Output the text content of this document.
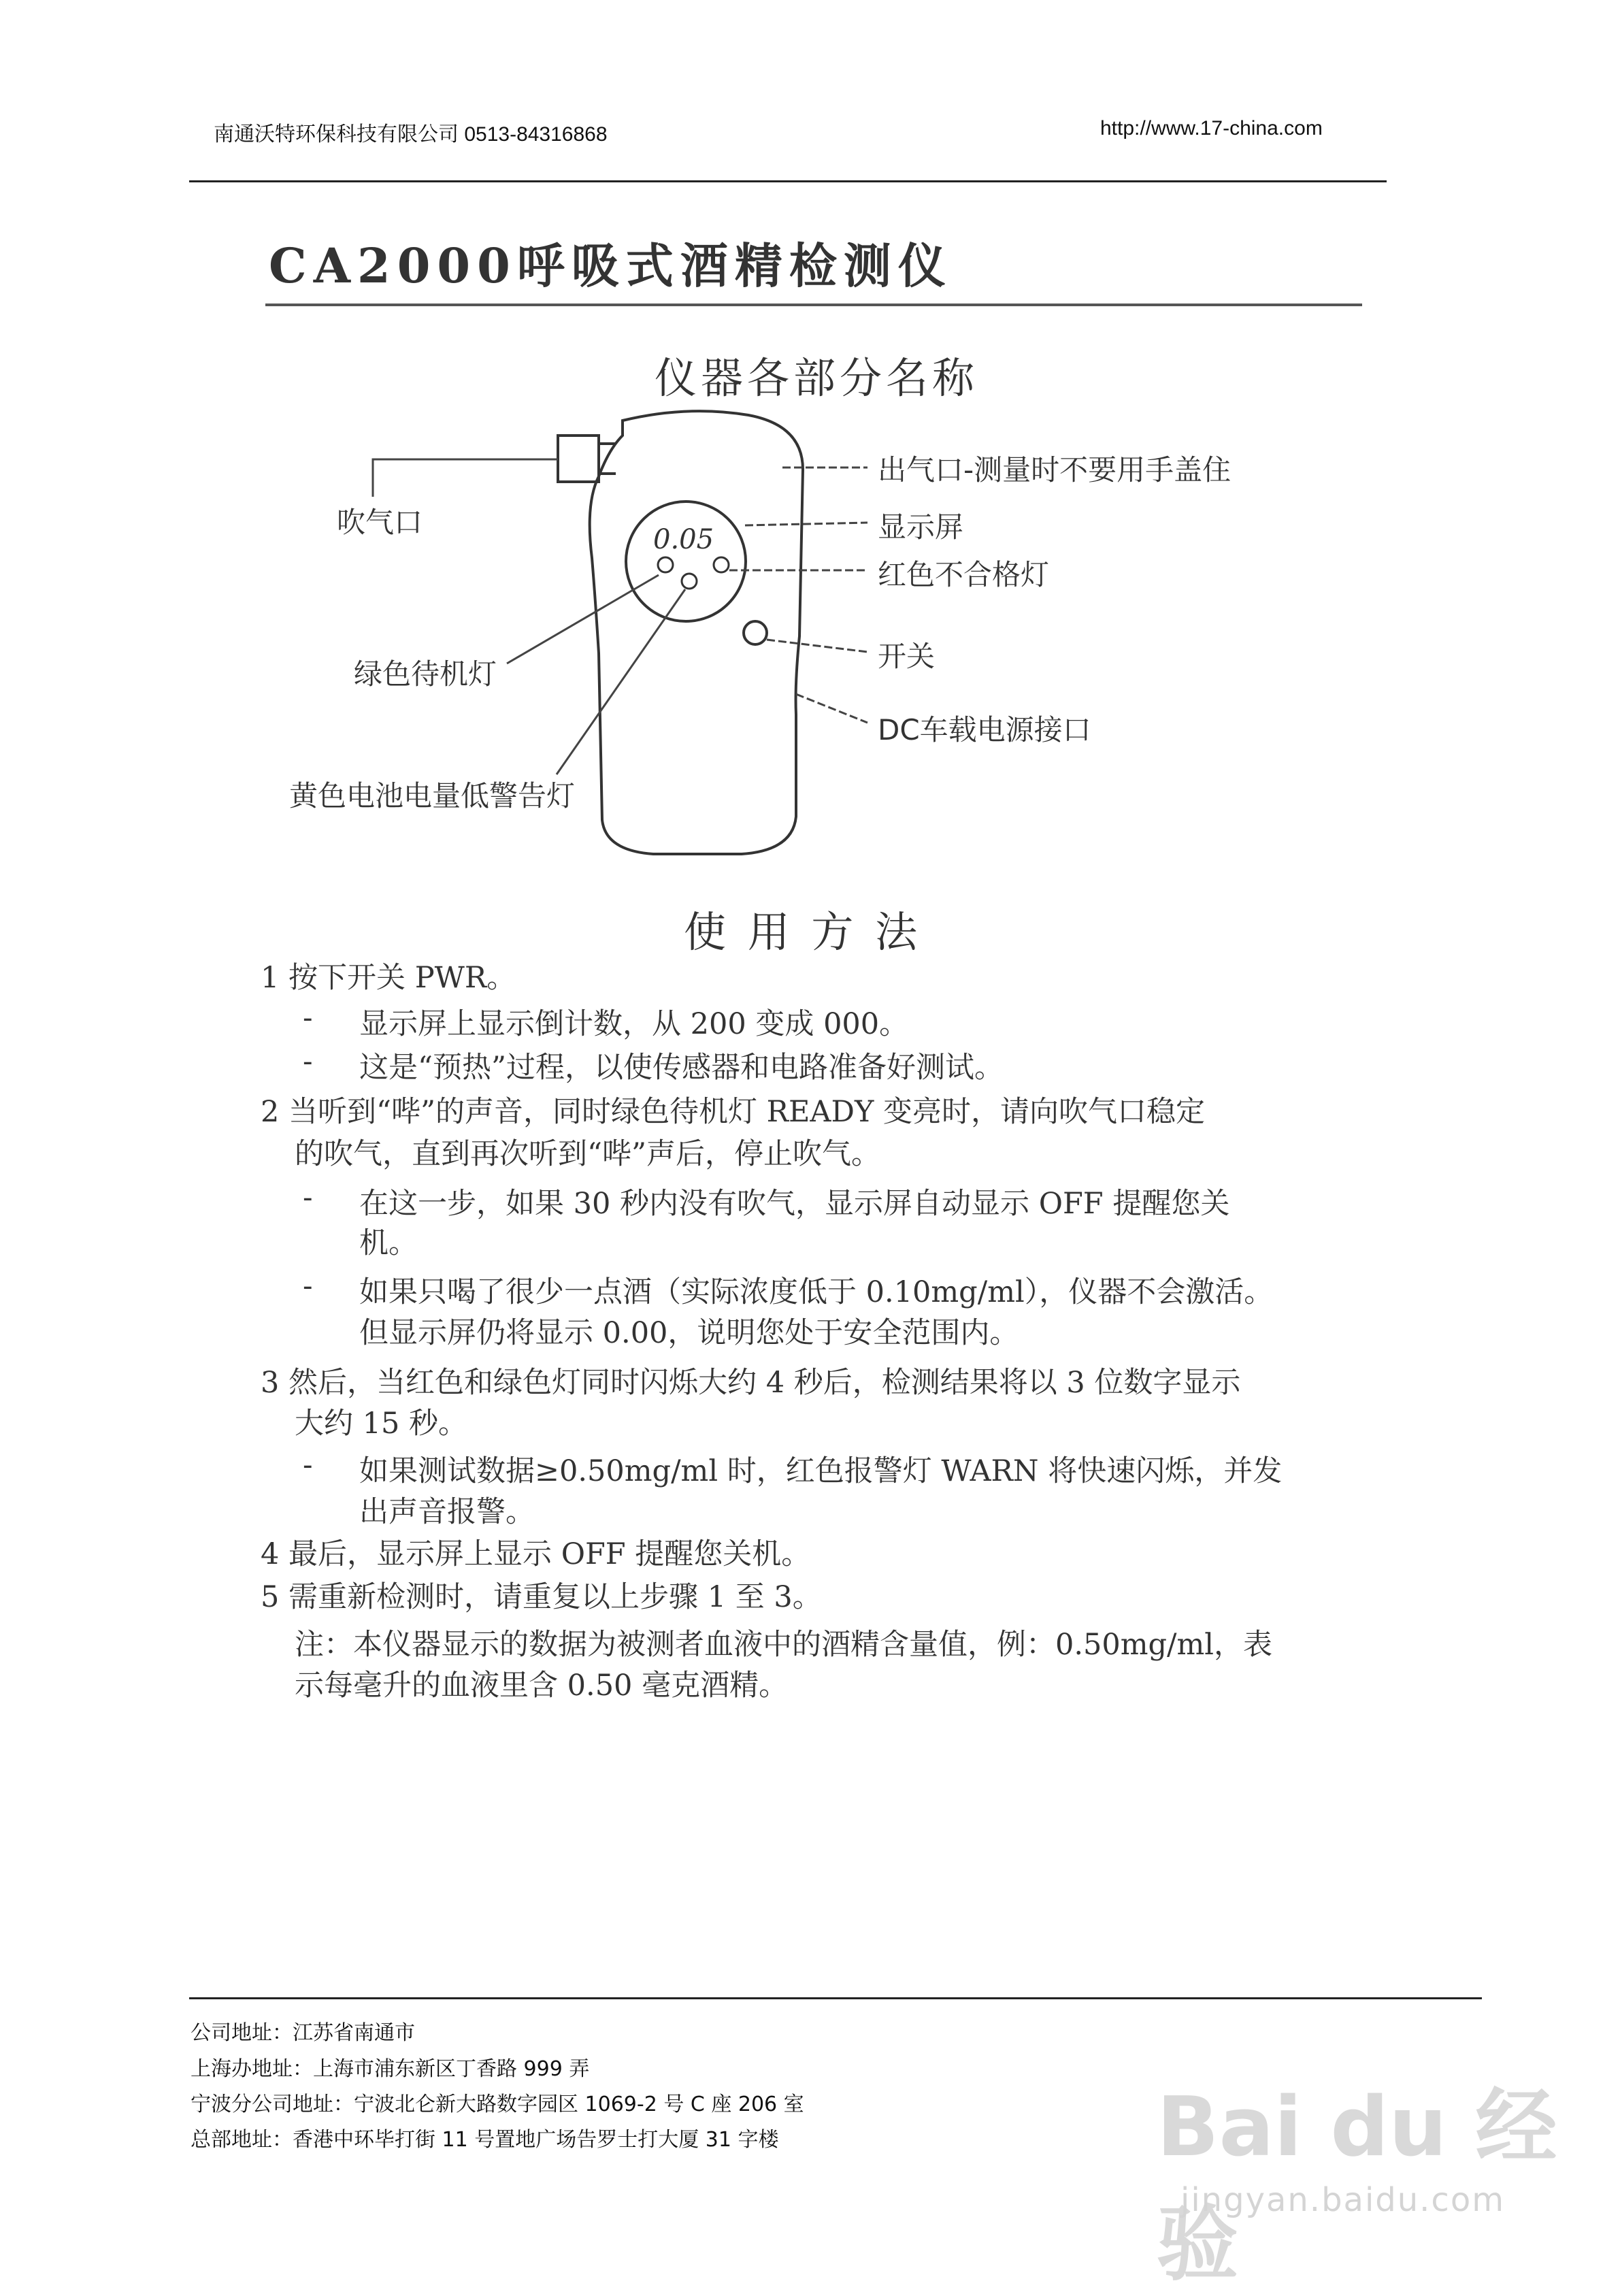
南通沃特环保科技有限公司 0513-84316868	http://www.17-china.com
CA2000呼吸式酒精检测仪
仪器各部分名称
0.05
吹气口
出气口-测量时不要用手盖住
显示屏
红色不合格灯
开关
DC车载电源接口
绿色待机灯
黄色电池电量低警告灯
使 用 方 法
1 按下开关 PWR。
- 显示屏上显示倒计数，从 200 变成 000。
- 这是“预热”过程，以使传感器和电路准备好测试。
2 当听到“哔”的声音，同时绿色待机灯 READY 变亮时，请向吹气口稳定
的吹气，直到再次听到“哔”声后，停止吹气。
- 在这一步，如果 30 秒内没有吹气，显示屏自动显示 OFF 提醒您关
机。
- 如果只喝了很少一点酒（实际浓度低于 0.10mg/ml），仪器不会激活。
但显示屏仍将显示 0.00，说明您处于安全范围内。
3 然后，当红色和绿色灯同时闪烁大约 4 秒后，检测结果将以 3 位数字显示
大约 15 秒。
- 如果测试数据≥0.50mg/ml 时，红色报警灯 WARN 将快速闪烁，并发
出声音报警。
4 最后，显示屏上显示 OFF 提醒您关机。
5 需重新检测时，请重复以上步骤 1 至 3。
注：本仪器显示的数据为被测者血液中的酒精含量值，例：0.50mg/ml，表
示每毫升的血液里含 0.50 毫克酒精。
公司地址：江苏省南通市
上海办地址：上海市浦东新区丁香路 999 弄
宁波分公司地址：宁波北仑新大路数字园区 1069-2 号 C 座 206 室
总部地址：香港中环毕打街 11 号置地广场告罗士打大厦 31 字楼	Bai du 经验
jingyan.baidu.com
